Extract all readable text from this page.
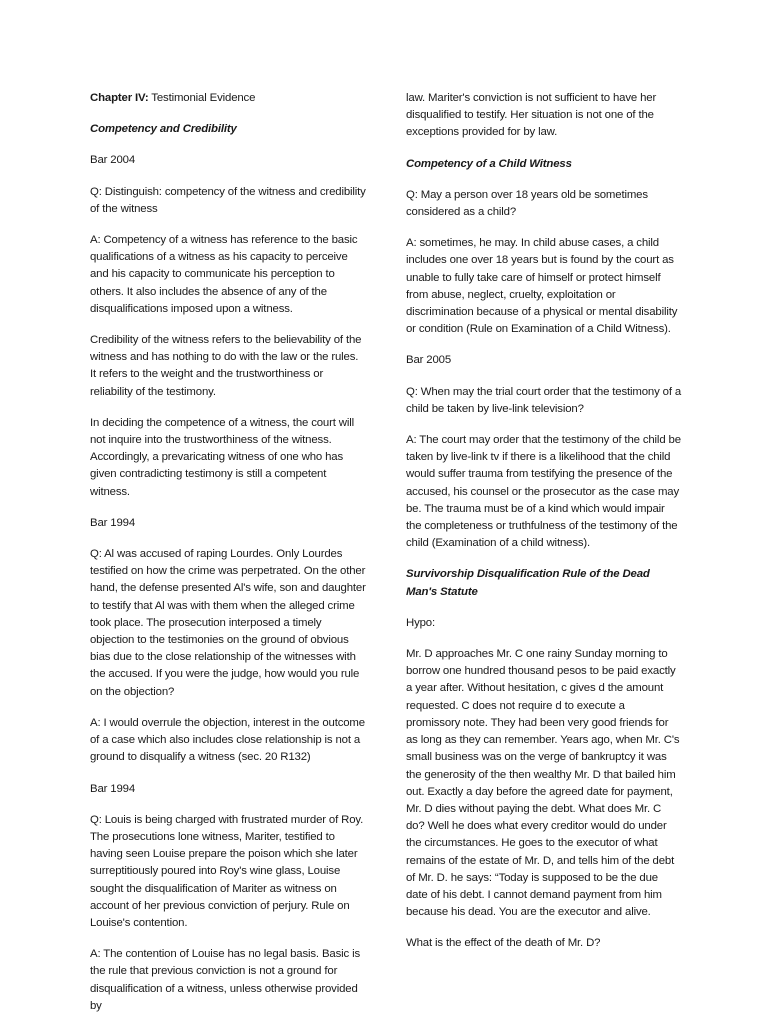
Chapter IV: Testimonial Evidence

Competency and Credibility

Bar 2004

Q: Distinguish: competency of the witness and credibility of the witness

A: Competency of a witness has reference to the basic qualifications of a witness as his capacity to perceive and his capacity to communicate his perception to others. It also includes the absence of any of the disqualifications imposed upon a witness.

Credibility of the witness refers to the believability of the witness and has nothing to do with the law or the rules. It refers to the weight and the trustworthiness or reliability of the testimony.

In deciding the competence of a witness, the court will not inquire into the trustworthiness of the witness. Accordingly, a prevaricating witness of one who has given contradicting testimony is still a competent witness.

Bar 1994

Q: Al was accused of raping Lourdes. Only Lourdes testified on how the crime was perpetrated. On the other hand, the defense presented Al's wife, son and daughter to testify that Al was with them when the alleged crime took place. The prosecution interposed a timely objection to the testimonies on the ground of obvious bias due to the close relationship of the witnesses with the accused. If you were the judge, how would you rule on the objection?

A: I would overrule the objection, interest in the outcome of a case which also includes close relationship is not a ground to disqualify a witness (sec. 20 R132)

Bar 1994

Q: Louis is being charged with frustrated murder of Roy. The prosecutions lone witness, Mariter, testified to having seen Louise prepare the poison which she later surreptitiously poured into Roy's wine glass, Louise sought the disqualification of Mariter as witness on account of her previous conviction of perjury. Rule on Louise's contention.

A: The contention of Louise has no legal basis. Basic is the rule that previous conviction is not a ground for disqualification of a witness, unless otherwise provided by

law. Mariter's conviction is not sufficient to have her disqualified to testify. Her situation is not one of the exceptions provided for by law.

Competency of a Child Witness

Q: May a person over 18 years old be sometimes considered as a child?

A: sometimes, he may. In child abuse cases, a child includes one over 18 years but is found by the court as unable to fully take care of himself or protect himself from abuse, neglect, cruelty, exploitation or discrimination because of a physical or mental disability or condition (Rule on Examination of a Child Witness).

Bar 2005

Q: When may the trial court order that the testimony of a child be taken by live-link television?

A: The court may order that the testimony of the child be taken by live-link tv if there is a likelihood that the child would suffer trauma from testifying the presence of the accused, his counsel or the prosecutor as the case may be. The trauma must be of a kind which would impair the completeness or truthfulness of the testimony of the child (Examination of a child witness).

Survivorship Disqualification Rule of the Dead Man's Statute

Hypo:

Mr. D approaches Mr. C one rainy Sunday morning to borrow one hundred thousand pesos to be paid exactly a year after. Without hesitation, c gives d the amount requested. C does not require d to execute a promissory note. They had been very good friends for as long as they can remember. Years ago, when Mr. C's small business was on the verge of bankruptcy it was the generosity of the then wealthy Mr. D that bailed him out. Exactly a day before the agreed date for payment, Mr. D dies without paying the debt. What does Mr. C do? Well he does what every creditor would do under the circumstances. He goes to the executor of what remains of the estate of Mr. D, and tells him of the debt of Mr. D. he says: “Today is supposed to be the due date of his debt. I cannot demand payment from him because his dead. You are the executor and alive.

What is the effect of the death of Mr. D?
